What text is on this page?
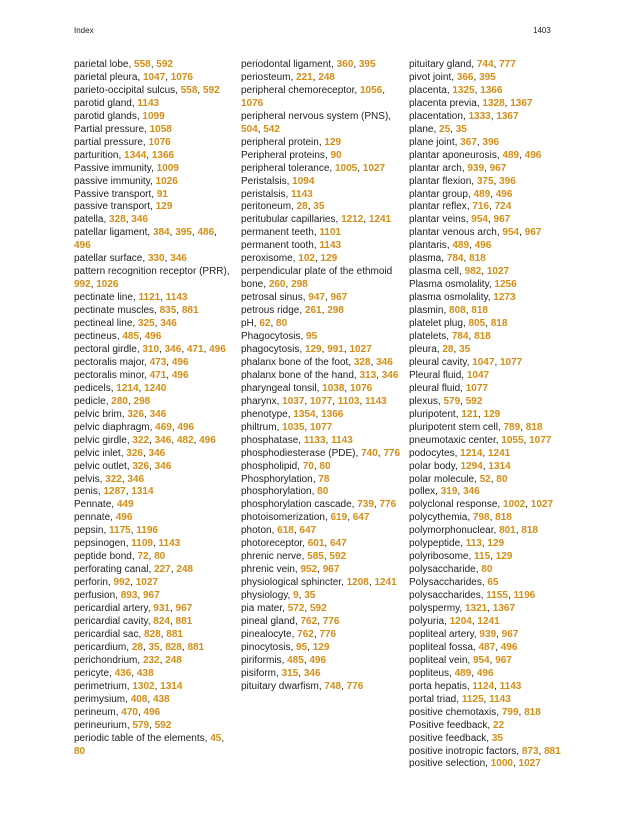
Index	1403
parietal lobe, 558, 592
parietal pleura, 1047, 1076
parieto-occipital sulcus, 558, 592
parotid gland, 1143
parotid glands, 1099
Partial pressure, 1058
partial pressure, 1076
parturition, 1344, 1366
Passive immunity, 1009
passive immunity, 1026
Passive transport, 91
passive transport, 129
patella, 328, 346
patellar ligament, 384, 395, 486, 496
patellar surface, 330, 346
pattern recognition receptor (PRR), 992, 1026
pectinate line, 1121, 1143
pectinate muscles, 835, 881
pectineal line, 325, 346
pectineus, 485, 496
pectoral girdle, 310, 346, 471, 496
pectoralis major, 473, 496
pectoralis minor, 471, 496
pedicels, 1214, 1240
pedicle, 280, 298
pelvic brim, 326, 346
pelvic diaphragm, 469, 496
pelvic girdle, 322, 346, 482, 496
pelvic inlet, 326, 346
pelvic outlet, 326, 346
pelvis, 322, 346
penis, 1287, 1314
Pennate, 449
pennate, 496
pepsin, 1175, 1196
pepsinogen, 1109, 1143
peptide bond, 72, 80
perforating canal, 227, 248
perforin, 992, 1027
perfusion, 893, 967
pericardial artery, 931, 967
pericardial cavity, 824, 881
pericardial sac, 828, 881
pericardium, 28, 35, 828, 881
perichondrium, 232, 248
pericyte, 436, 438
perimetrium, 1302, 1314
perimysium, 408, 438
perineum, 470, 496
perineurium, 579, 592
periodic table of the elements, 45, 80
periodontal ligament, 360, 395
periosteum, 221, 248
peripheral chemoreceptor, 1056, 1076
peripheral nervous system (PNS), 504, 542
peripheral protein, 129
Peripheral proteins, 90
peripheral tolerance, 1005, 1027
Peristalsis, 1094
peristalsis, 1143
peritoneum, 28, 35
peritubular capillaries, 1212, 1241
permanent teeth, 1101
permanent tooth, 1143
peroxisome, 102, 129
perpendicular plate of the ethmoid bone, 260, 298
petrosal sinus, 947, 967
petrous ridge, 261, 298
pH, 62, 80
Phagocytosis, 95
phagocytosis, 129, 991, 1027
phalanx bone of the foot, 328, 346
phalanx bone of the hand, 313, 346
pharyngeal tonsil, 1038, 1076
pharynx, 1037, 1077, 1103, 1143
phenotype, 1354, 1366
philtrum, 1035, 1077
phosphatase, 1133, 1143
phosphodiesterase (PDE), 740, 776
phospholipid, 70, 80
Phosphorylation, 78
phosphorylation, 80
phosphorylation cascade, 739, 776
photoisomerization, 619, 647
photon, 618, 647
photoreceptor, 601, 647
phrenic nerve, 585, 592
phrenic vein, 952, 967
physiological sphincter, 1208, 1241
physiology, 9, 35
pia mater, 572, 592
pineal gland, 762, 776
pinealocyte, 762, 776
pinocytosis, 95, 129
piriformis, 485, 496
pisiform, 315, 346
pituitary dwarfism, 748, 776
pituitary gland, 744, 777
pivot joint, 366, 395
placenta, 1325, 1366
placenta previa, 1328, 1367
placentation, 1333, 1367
plane, 25, 35
plane joint, 367, 396
plantar aponeurosis, 489, 496
plantar arch, 939, 967
plantar flexion, 375, 396
plantar group, 489, 496
plantar reflex, 716, 724
plantar veins, 954, 967
plantar venous arch, 954, 967
plantaris, 489, 496
plasma, 784, 818
plasma cell, 982, 1027
Plasma osmolality, 1256
plasma osmolality, 1273
plasmin, 808, 818
platelet plug, 805, 818
platelets, 784, 818
pleura, 28, 35
pleural cavity, 1047, 1077
Pleural fluid, 1047
pleural fluid, 1077
plexus, 579, 592
pluripotent, 121, 129
pluripotent stem cell, 789, 818
pneumotaxic center, 1055, 1077
podocytes, 1214, 1241
polar body, 1294, 1314
polar molecule, 52, 80
pollex, 319, 346
polyclonal response, 1002, 1027
polycythemia, 798, 818
polymorphonuclear, 801, 818
polypeptide, 113, 129
polyribosome, 115, 129
polysaccharide, 80
Polysaccharides, 65
polysaccharides, 1155, 1196
polyspermy, 1321, 1367
polyuria, 1204, 1241
popliteal artery, 939, 967
popliteal fossa, 487, 496
popliteal vein, 954, 967
popliteus, 489, 496
porta hepatis, 1124, 1143
portal triad, 1125, 1143
positive chemotaxis, 799, 818
Positive feedback, 22
positive feedback, 35
positive inotropic factors, 873, 881
positive selection, 1000, 1027
